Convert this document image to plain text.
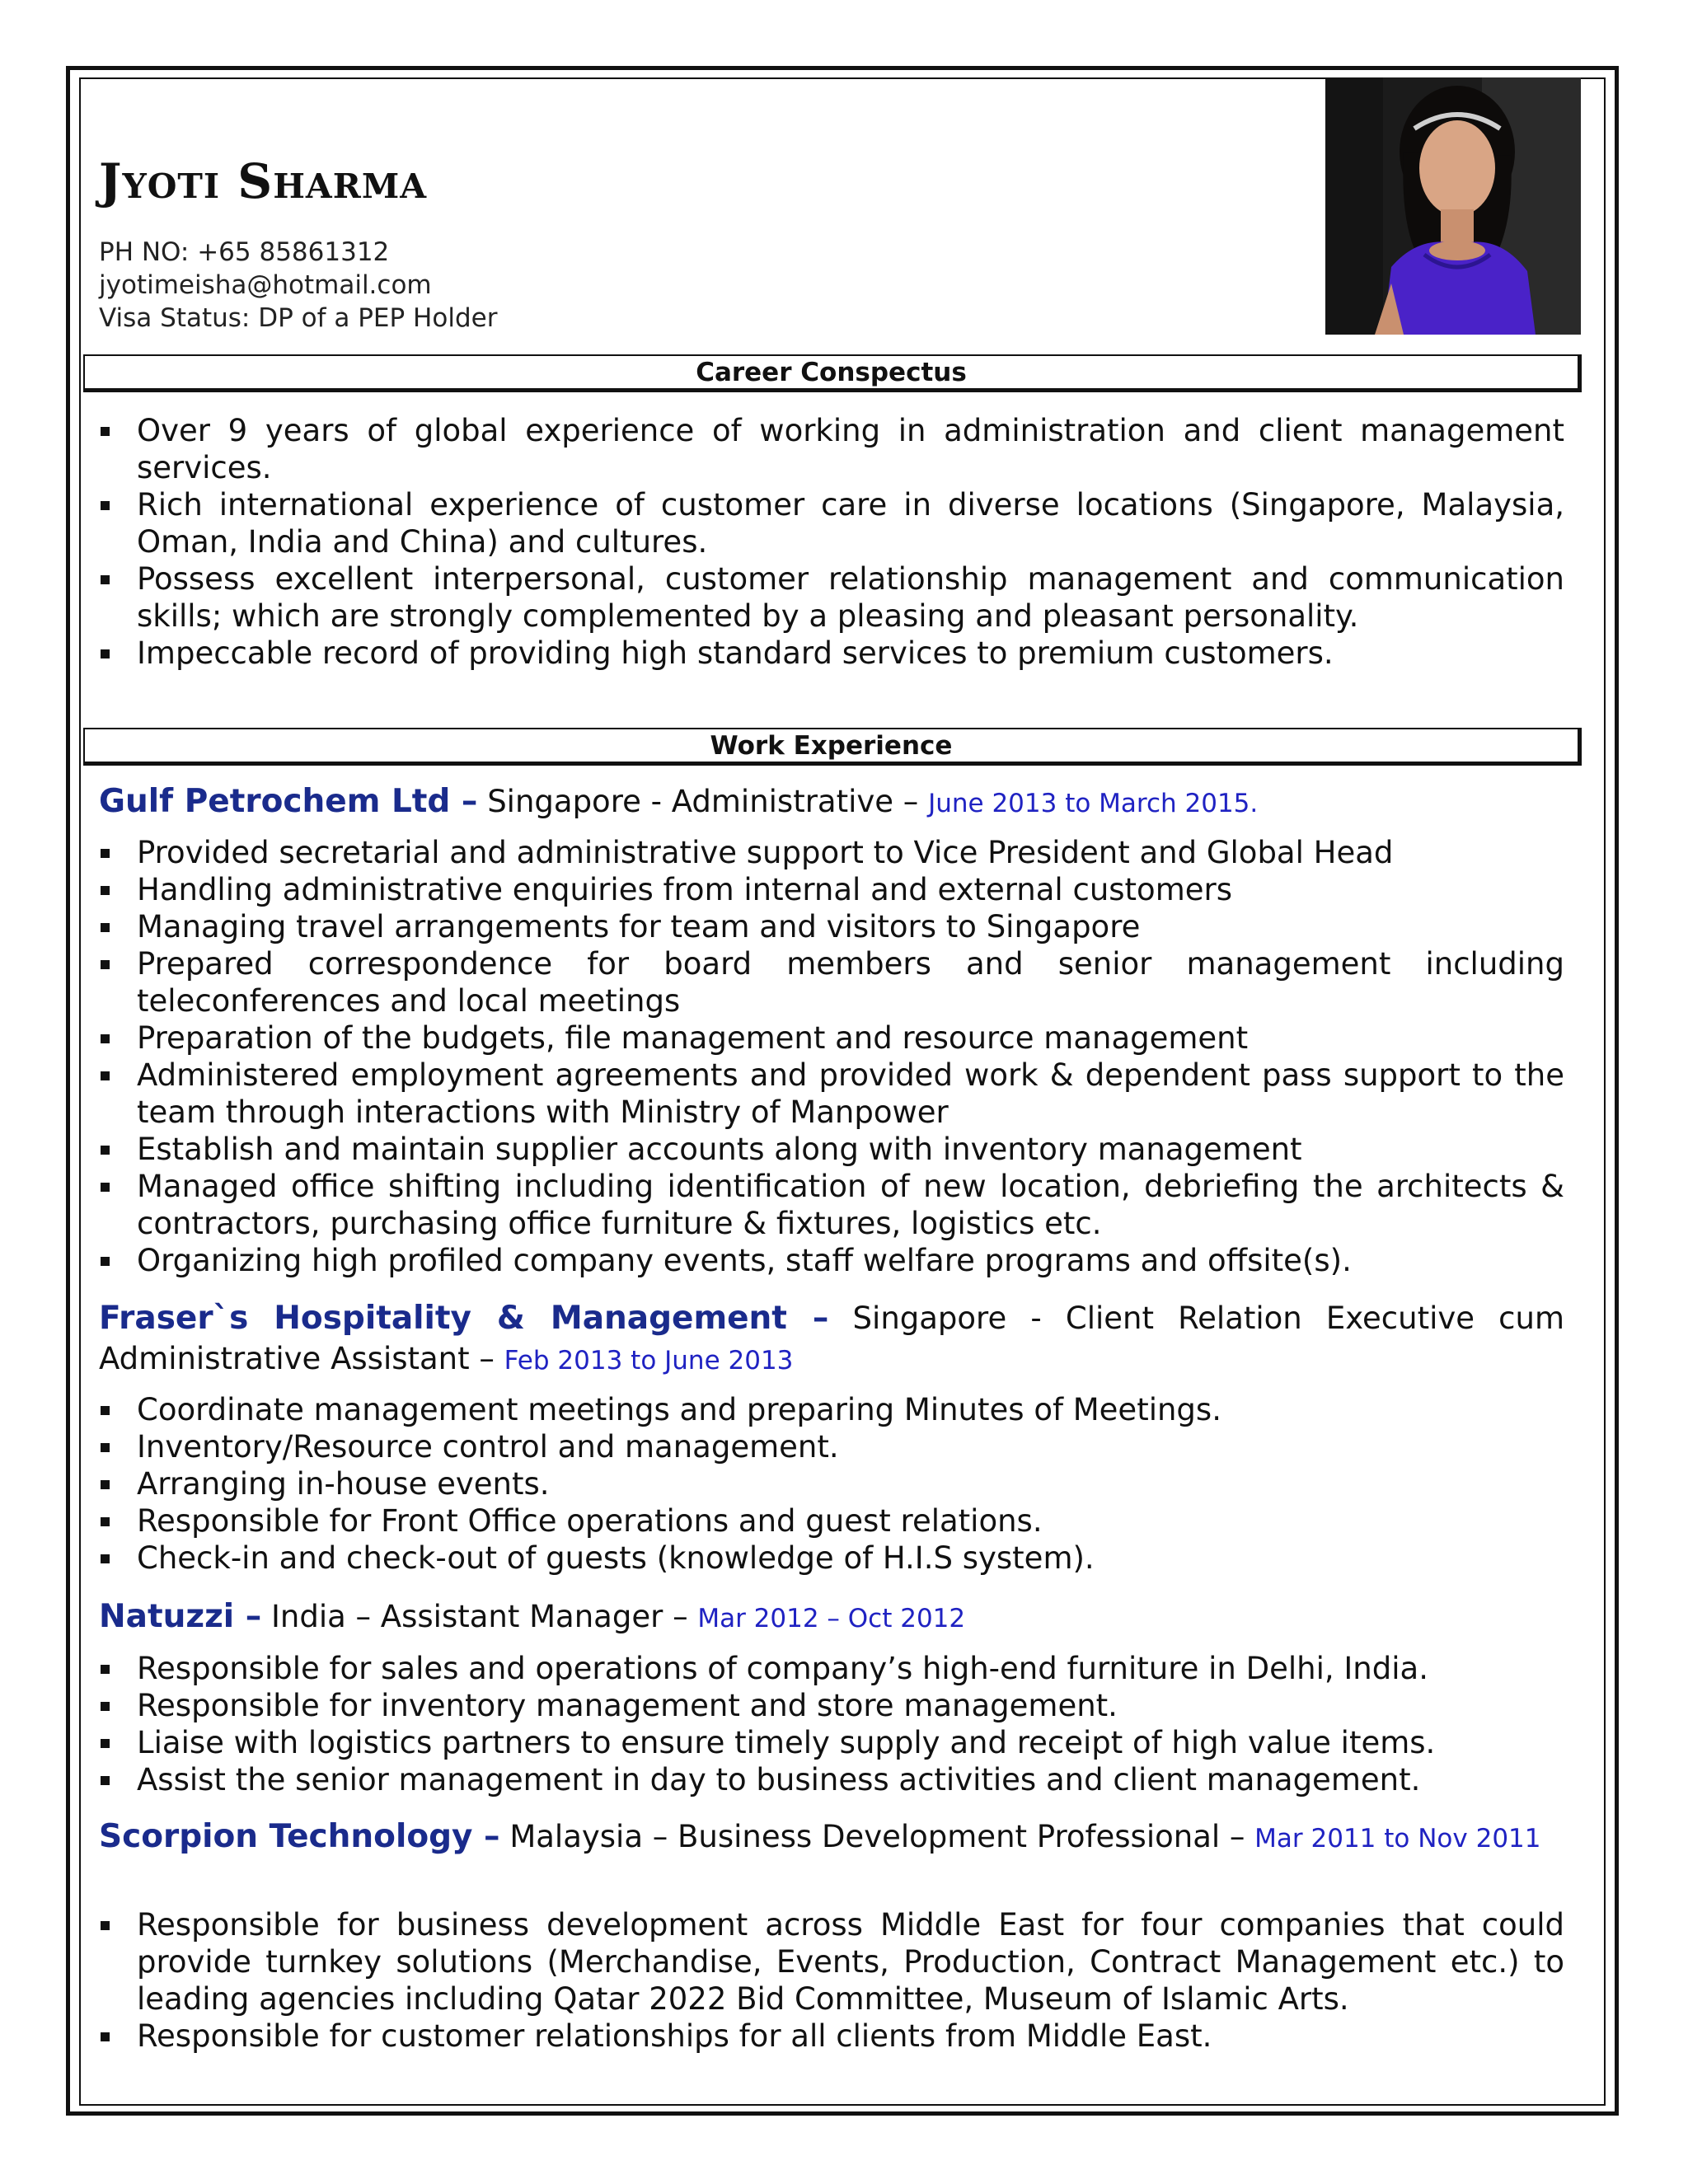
Jyoti Sharma
PH NO: +65 85861312
jyotimeisha@hotmail.com
Visa Status: DP of a PEP Holder
Career Conspectus
Over 9 years of global experience of working in administration and client management services.
Rich international experience of customer care in diverse locations (Singapore, Malaysia, Oman, India and China) and cultures.
Possess excellent interpersonal, customer relationship management and communication skills; which are strongly complemented by a pleasing and pleasant personality.
Impeccable record of providing high standard services to premium customers.
Work Experience
Gulf Petrochem Ltd – Singapore - Administrative – June 2013 to March 2015.
Provided secretarial and administrative support to Vice President and Global Head
Handling administrative enquiries from internal and external customers
Managing travel arrangements for team and visitors to Singapore
Prepared correspondence for board members and senior management including teleconferences and local meetings
Preparation of the budgets, file management and resource management
Administered employment agreements and provided work & dependent pass support to the team through interactions with Ministry of Manpower
Establish and maintain supplier accounts along with inventory management
Managed office shifting including identification of new location, debriefing the architects & contractors, purchasing office furniture & fixtures, logistics etc.
Organizing high profiled company events, staff welfare programs and offsite(s).
Fraser`s Hospitality & Management – Singapore - Client Relation Executive cum Administrative Assistant – Feb 2013 to June 2013
Coordinate management meetings and preparing Minutes of Meetings.
Inventory/Resource control and management.
Arranging in-house events.
Responsible for Front Office operations and guest relations.
Check-in and check-out of guests (knowledge of H.I.S system).
Natuzzi – India – Assistant Manager – Mar 2012 – Oct 2012
Responsible for sales and operations of company’s high-end furniture in Delhi, India.
Responsible for inventory management and store management.
Liaise with logistics partners to ensure timely supply and receipt of high value items.
Assist the senior management in day to business activities and client management.
Scorpion Technology – Malaysia – Business Development Professional – Mar 2011 to Nov 2011
Responsible for business development across Middle East for four companies that could provide turnkey solutions (Merchandise, Events, Production, Contract Management etc.) to leading agencies including Qatar 2022 Bid Committee, Museum of Islamic Arts.
Responsible for customer relationships for all clients from Middle East.
